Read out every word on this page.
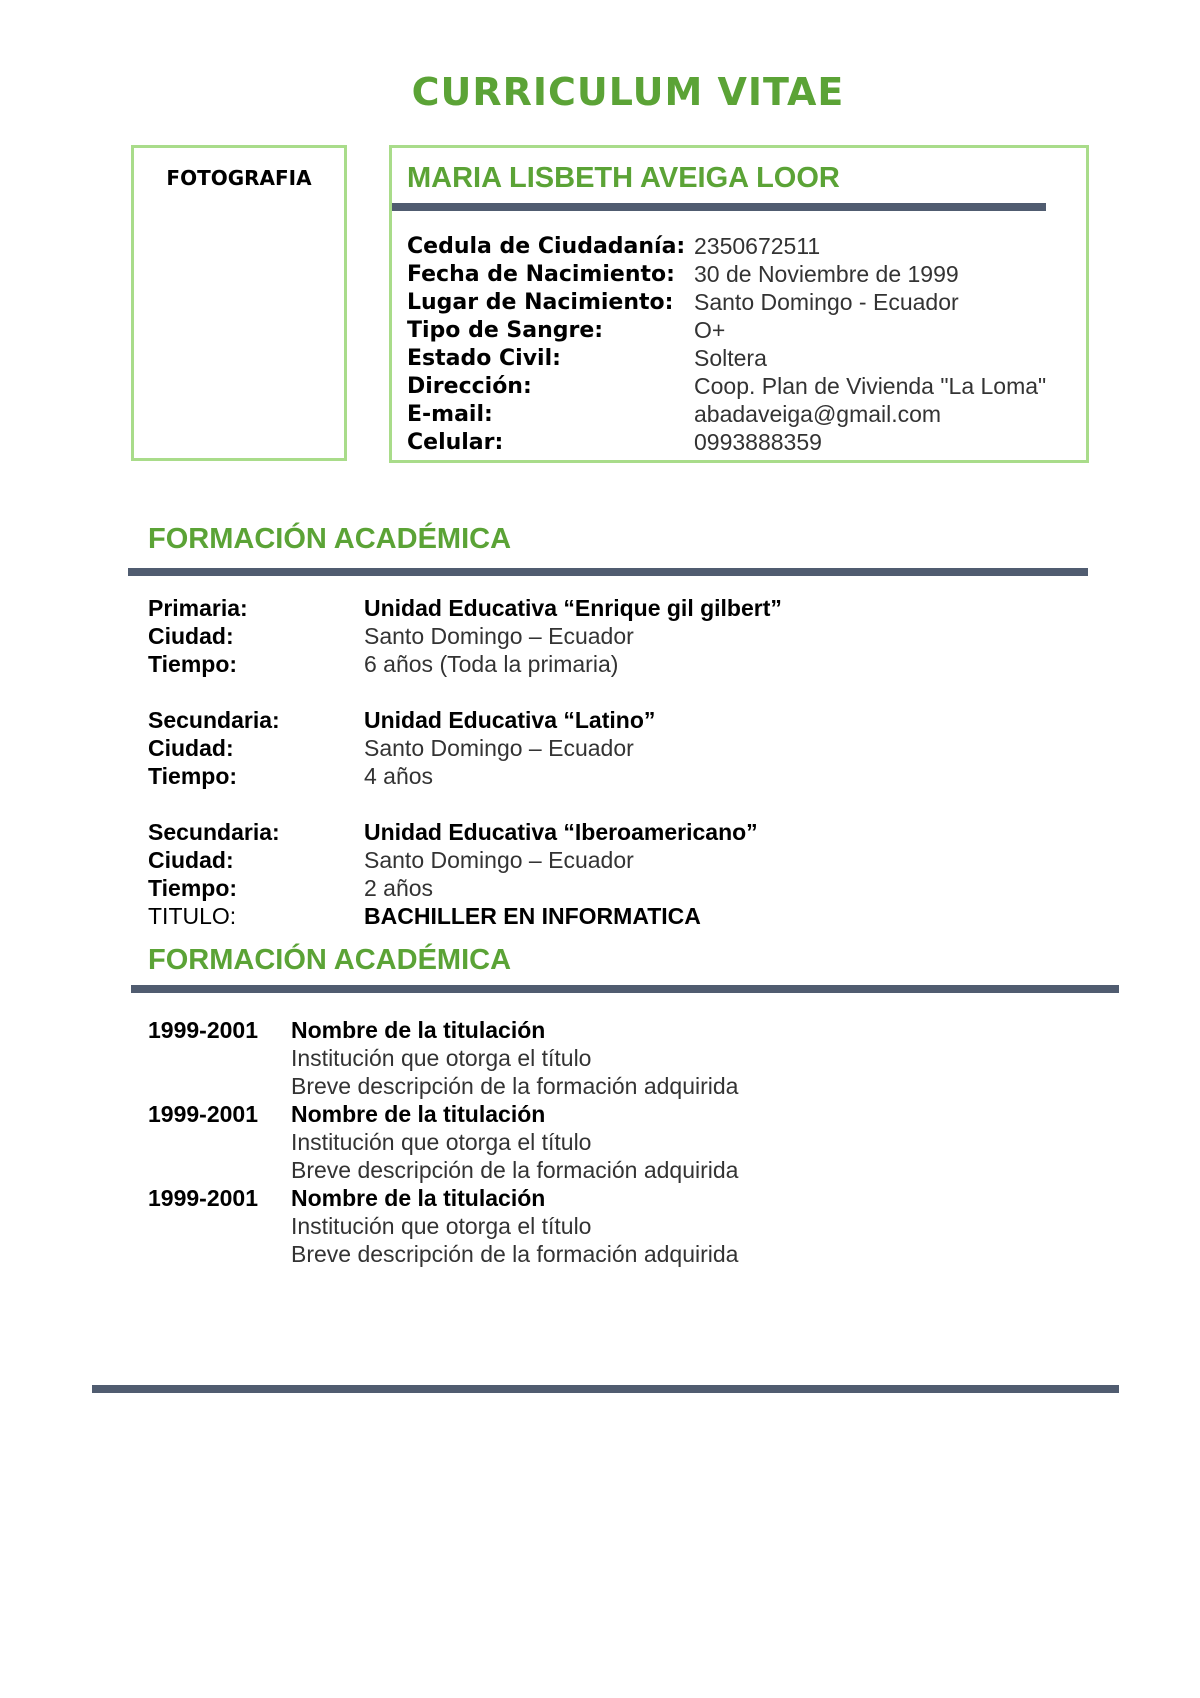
CURRICULUM VITAE
FOTOGRAFIA	MARIA LISBETH AVEIGA LOOR
Cedula de Ciudadanía: 2350672511
Fecha de Nacimiento: 30 de Noviembre de 1999
Lugar de Nacimiento: Santo Domingo - Ecuador
Tipo de Sangre:	O+
Estado Civil:	Soltera
Dirección:	Coop. Plan de Vivienda "La Loma"
E-mail:	abadaveiga@gmail.com
Celular:	0993888359
FORMACIÓN ACADÉMICA
Primaria:	Unidad Educativa “Enrique gil gilbert”
Ciudad:	Santo Domingo – Ecuador
Tiempo:	6 años (Toda la primaria)
Secundaria:	Unidad Educativa “Latino”
Ciudad:	Santo Domingo – Ecuador
Tiempo:	4 años
Secundaria:	Unidad Educativa “Iberoamericano”
Ciudad:	Santo Domingo – Ecuador
Tiempo:	2 años
TITULO:	BACHILLER EN INFORMATICA
FORMACIÓN ACADÉMICA
1999-2001	Nombre de la titulación
Institución que otorga el título
Breve descripción de la formación adquirida
1999-2001	Nombre de la titulación
Institución que otorga el título
Breve descripción de la formación adquirida
1999-2001	Nombre de la titulación
Institución que otorga el título
Breve descripción de la formación adquirida
